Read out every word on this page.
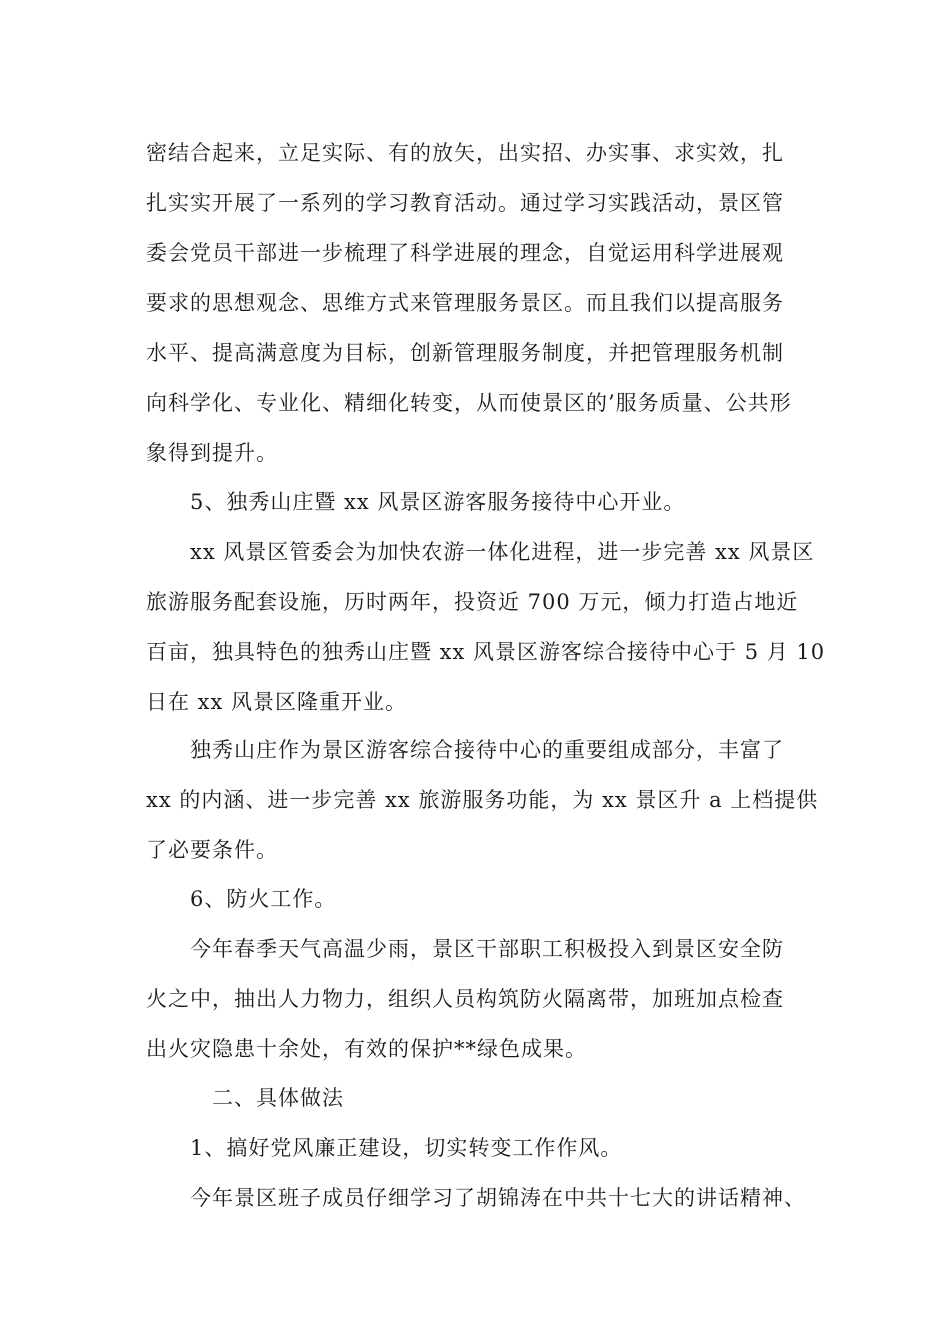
密结合起来，立足实际、有的放矢，出实招、办实事、求实效，扎
扎实实开展了一系列的学习教育活动。通过学习实践活动，景区管
委会党员干部进一步梳理了科学进展的理念，自觉运用科学进展观
要求的思想观念、思维方式来管理服务景区。而且我们以提高服务
水平、提高满意度为目标，创新管理服务制度，并把管理服务机制
向科学化、专业化、精细化转变，从而使景区的’服务质量、公共形
象得到提升。
5、独秀山庄暨 xx 风景区游客服务接待中心开业。
xx 风景区管委会为加快农游一体化进程，进一步完善 xx 风景区
旅游服务配套设施，历时两年，投资近 700 万元，倾力打造占地近
百亩，独具特色的独秀山庄暨 xx 风景区游客综合接待中心于 5 月 10
日在 xx 风景区隆重开业。
独秀山庄作为景区游客综合接待中心的重要组成部分，丰富了
xx 的内涵、进一步完善 xx 旅游服务功能，为 xx 景区升 a 上档提供
了必要条件。
6、防火工作。
今年春季天气高温少雨，景区干部职工积极投入到景区安全防
火之中，抽出人力物力，组织人员构筑防火隔离带，加班加点检查
出火灾隐患十余处，有效的保护**绿色成果。
二、具体做法
1、搞好党风廉正建设，切实转变工作作风。
今年景区班子成员仔细学习了胡锦涛在中共十七大的讲话精神、
